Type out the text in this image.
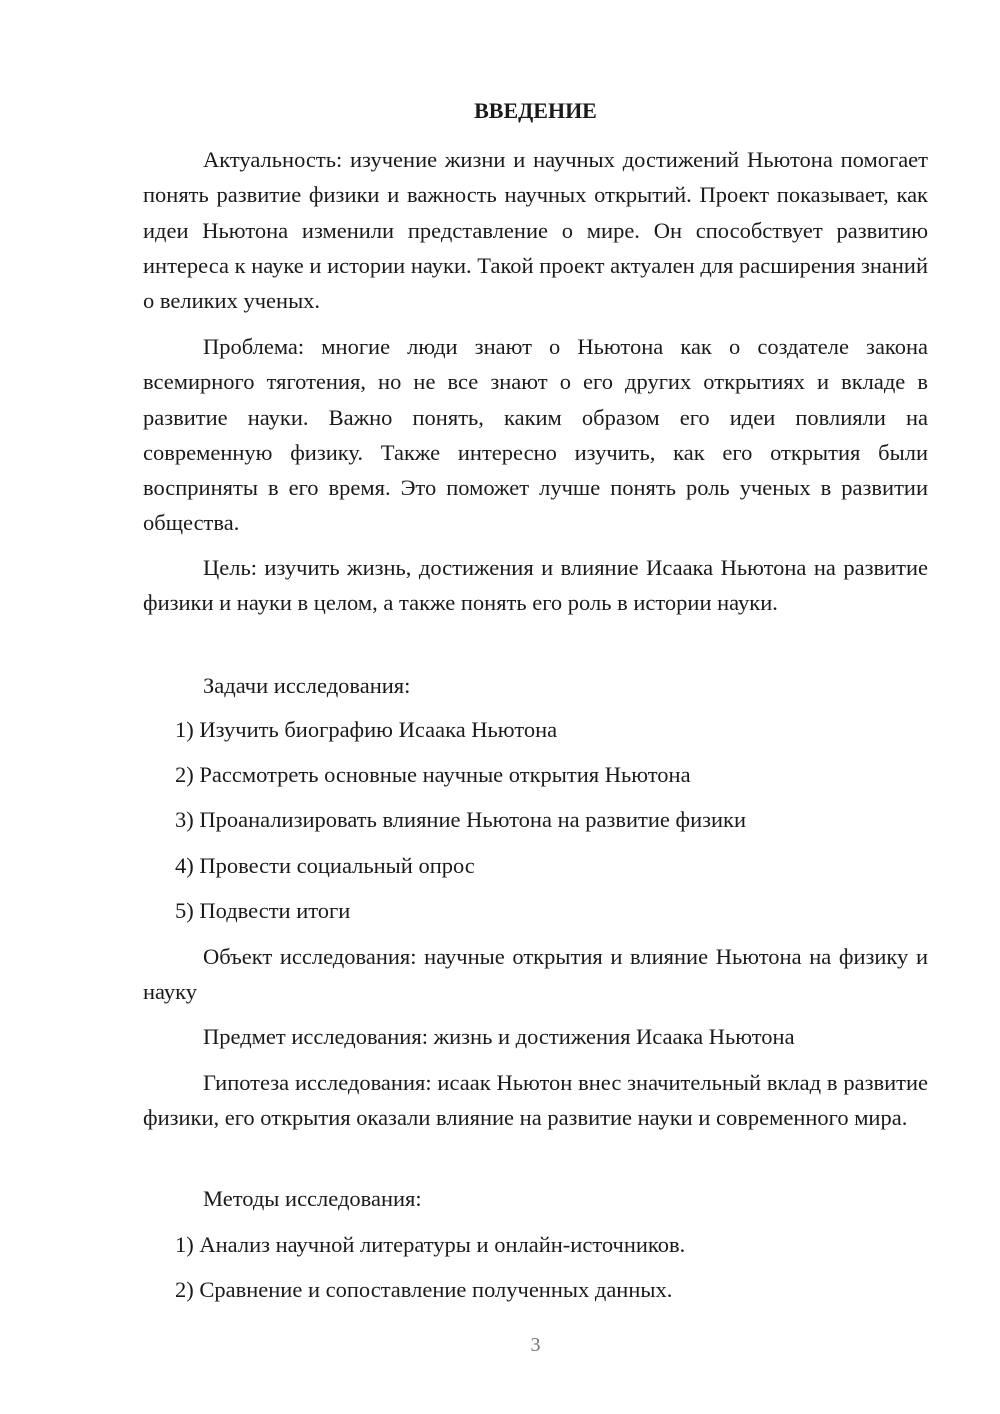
ВВЕДЕНИЕ

Актуальность: изучение жизни и научных достижений Ньютона помогает понять развитие физики и важность научных открытий. Проект показывает, как идеи Ньютона изменили представление о мире. Он способствует развитию интереса к науке и истории науки. Такой проект актуален для расширения знаний о великих ученых.

Проблема: многие люди знают о Ньютона как о создателе закона всемирного тяготения, но не все знают о его других открытиях и вкладе в развитие науки. Важно понять, каким образом его идеи повлияли на современную физику. Также интересно изучить, как его открытия были восприняты в его время. Это поможет лучше понять роль ученых в развитии общества.

Цель: изучить жизнь, достижения и влияние Исаака Ньютона на развитие физики и науки в целом, а также понять его роль в истории науки.

Задачи исследования:
1) Изучить биографию Исаака Ньютона
2) Рассмотреть основные научные открытия Ньютона
3) Проанализировать влияние Ньютона на развитие физики
4) Провести социальный опрос
5) Подвести итоги

Объект исследования: научные открытия и влияние Ньютона на физику и науку

Предмет исследования: жизнь и достижения Исаака Ньютона

Гипотеза исследования: исаак Ньютон внес значительный вклад в развитие физики, его открытия оказали влияние на развитие науки и современного мира.

Методы исследования:
1) Анализ научной литературы и онлайн-источников.
2) Сравнение и сопоставление полученных данных.
3
